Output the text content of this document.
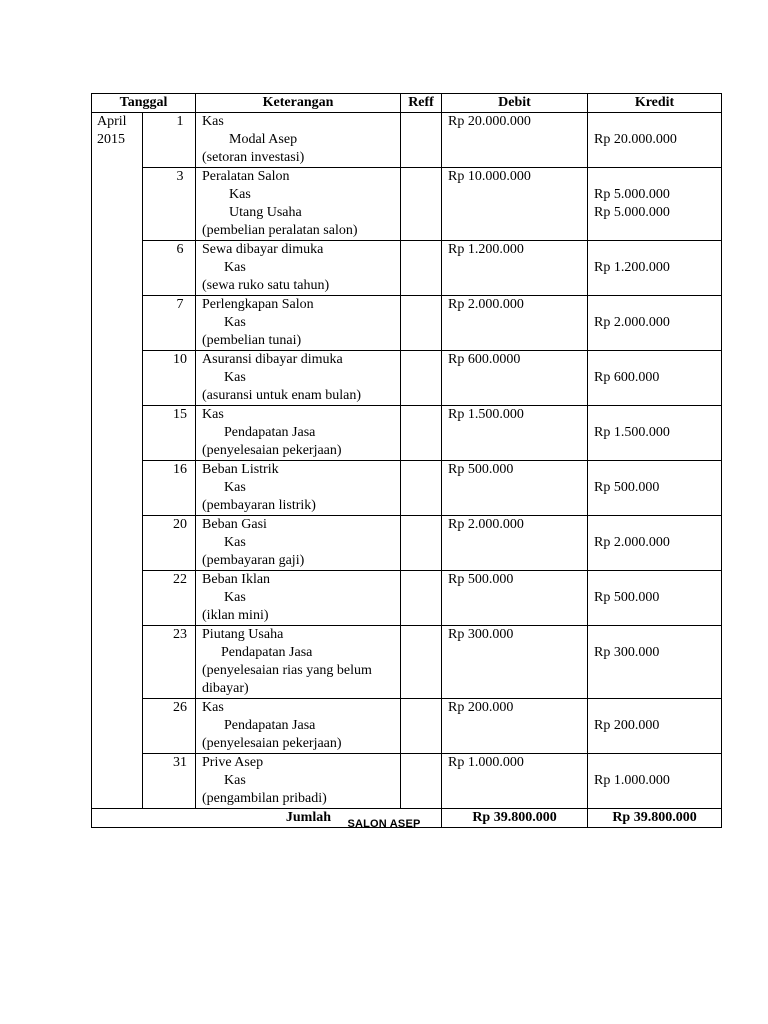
Tanggal		Keterangan	Reff	Debit	Kredit

April
2015	1	Kas
Modal Asep
(setoran investasi)		Rp 20.000.000	Rp 20.000.000

	3	Peralatan Salon
Kas
Utang Usaha
(pembelian peralatan salon)		Rp 10.000.000	Rp 5.000.000
Rp 5.000.000

	6	Sewa dibayar dimuka
Kas
(sewa ruko satu tahun)		Rp 1.200.000	Rp 1.200.000

	7	Perlengkapan Salon
Kas
(pembelian tunai)		Rp 2.000.000	Rp 2.000.000

	10	Asuransi dibayar dimuka
Kas
(asuransi untuk enam bulan)		Rp 600.0000	Rp 600.000

	15	Kas
Pendapatan Jasa
(penyelesaian pekerjaan)		Rp 1.500.000	Rp 1.500.000

	16	Beban Listrik
Kas
(pembayaran listrik)		Rp 500.000	Rp 500.000

	20	Beban Gasi
Kas
(pembayaran gaji)		Rp 2.000.000	Rp 2.000.000

	22	Beban Iklan
Kas
(iklan mini)		Rp 500.000	Rp 500.000

	23	Piutang Usaha
Pendapatan Jasa
(penyelesaian rias yang belum dibayar)		Rp 300.000	Rp 300.000

	26	Kas
Pendapatan Jasa
(penyelesaian pekerjaan)		Rp 200.000	Rp 200.000

	31	Prive Asep
Kas
(pengambilan pribadi)		Rp 1.000.000	Rp 1.000.000

Jumlah				Rp 39.800.000	Rp 39.800.000
SALON ASEP
